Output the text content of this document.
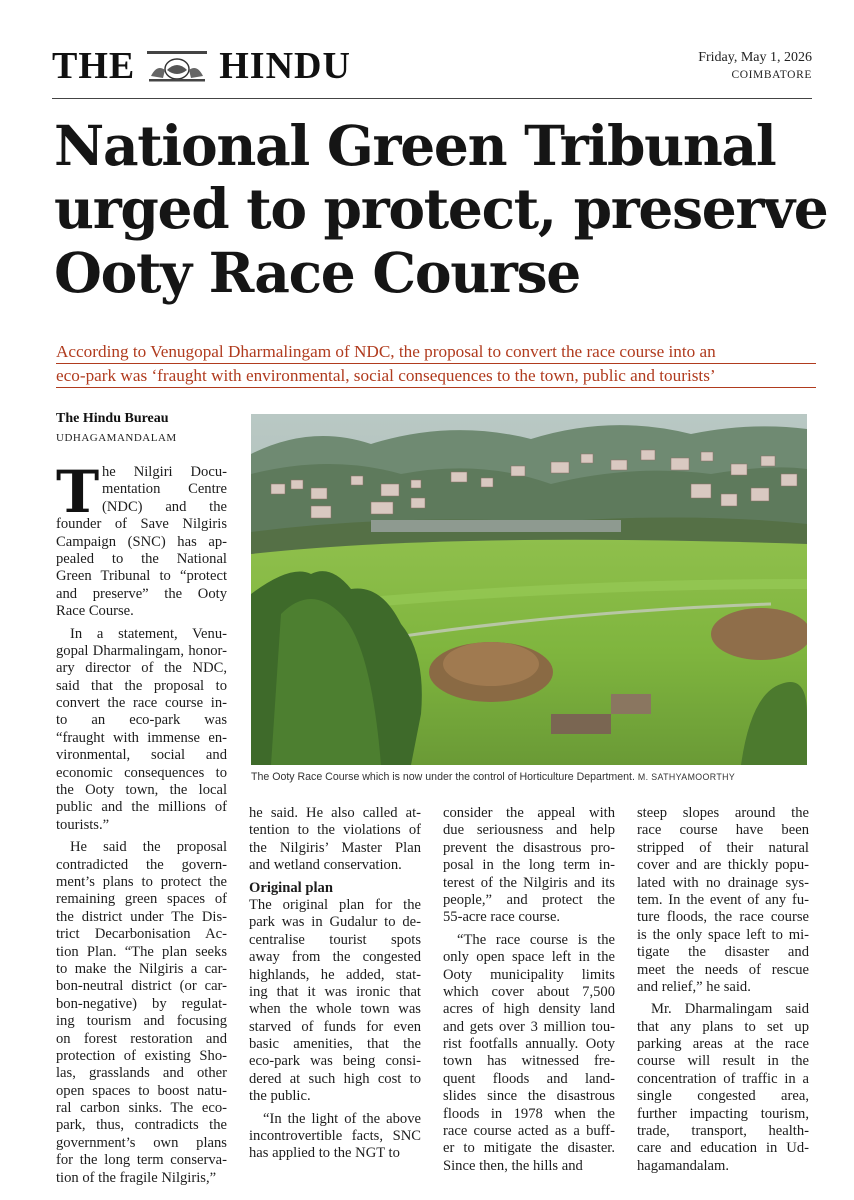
THE HINDU	Friday, May 1, 2026
COIMBATORE
National Green Tribunal
urged to protect, preserve
Ooty Race Course
According to Venugopal Dharmalingam of NDC, the proposal to convert the race course into an
eco-park was ‘fraught with environmental, social consequences to the town, public and tourists’
The Hindu Bureau
UDHAGAMANDALAM
The Ooty Race Course which is now under the control of Horticulture Department. M. SATHYAMOORTHY
T he Nilgiri Docu-
mentation Centre
(NDC) and the
founder of Save Nilgiris
Campaign (SNC) has ap-
pealed to the National
Green Tribunal to “protect
and preserve” the Ooty
Race Course.
In a statement, Venu-
gopal Dharmalingam, honor-
ary director of the NDC,
said that the proposal to
convert the race course in-
to an eco-park was
“fraught with immense en-
vironmental, social and
economic consequences to
the Ooty town, the local
public and the millions of
tourists.”
He said the proposal
contradicted the govern-
ment’s plans to protect the
remaining green spaces of
the district under The Dis-
trict Decarbonisation Ac-
tion Plan. “The plan seeks
to make the Nilgiris a car-
bon-neutral district (or car-
bon-negative) by regulat-
ing tourism and focusing
on forest restoration and
protection of existing Sho-
las, grasslands and other
open spaces to boost natu-
ral carbon sinks. The eco-
park, thus, contradicts the
government’s own plans
for the long term conserva-
tion of the fragile Nilgiris,”
he said. He also called at-
tention to the violations of
the Nilgiris’ Master Plan
and wetland conservation.
Original plan
The original plan for the
park was in Gudalur to de-
centralise tourist spots
away from the congested
highlands, he added, stat-
ing that it was ironic that
when the whole town was
starved of funds for even
basic amenities, that the
eco-park was being consi-
dered at such high cost to
the public.
“In the light of the above
incontrovertible facts, SNC
has applied to the NGT to
consider the appeal with
due seriousness and help
prevent the disastrous pro-
posal in the long term in-
terest of the Nilgiris and its
people,” and protect the
55-acre race course.
“The race course is the
only open space left in the
Ooty municipality limits
which cover about 7,500
acres of high density land
and gets over 3 million tou-
rist footfalls annually. Ooty
town has witnessed fre-
quent floods and land-
slides since the disastrous
floods in 1978 when the
race course acted as a buff-
er to mitigate the disaster.
Since then, the hills and
steep slopes around the
race course have been
stripped of their natural
cover and are thickly popu-
lated with no drainage sys-
tem. In the event of any fu-
ture floods, the race course
is the only space left to mi-
tigate the disaster and
meet the needs of rescue
and relief,” he said.
Mr. Dharmalingam said
that any plans to set up
parking areas at the race
course will result in the
concentration of traffic in a
single congested area,
further impacting tourism,
trade, transport, health-
care and education in Ud-
hagamandalam.
